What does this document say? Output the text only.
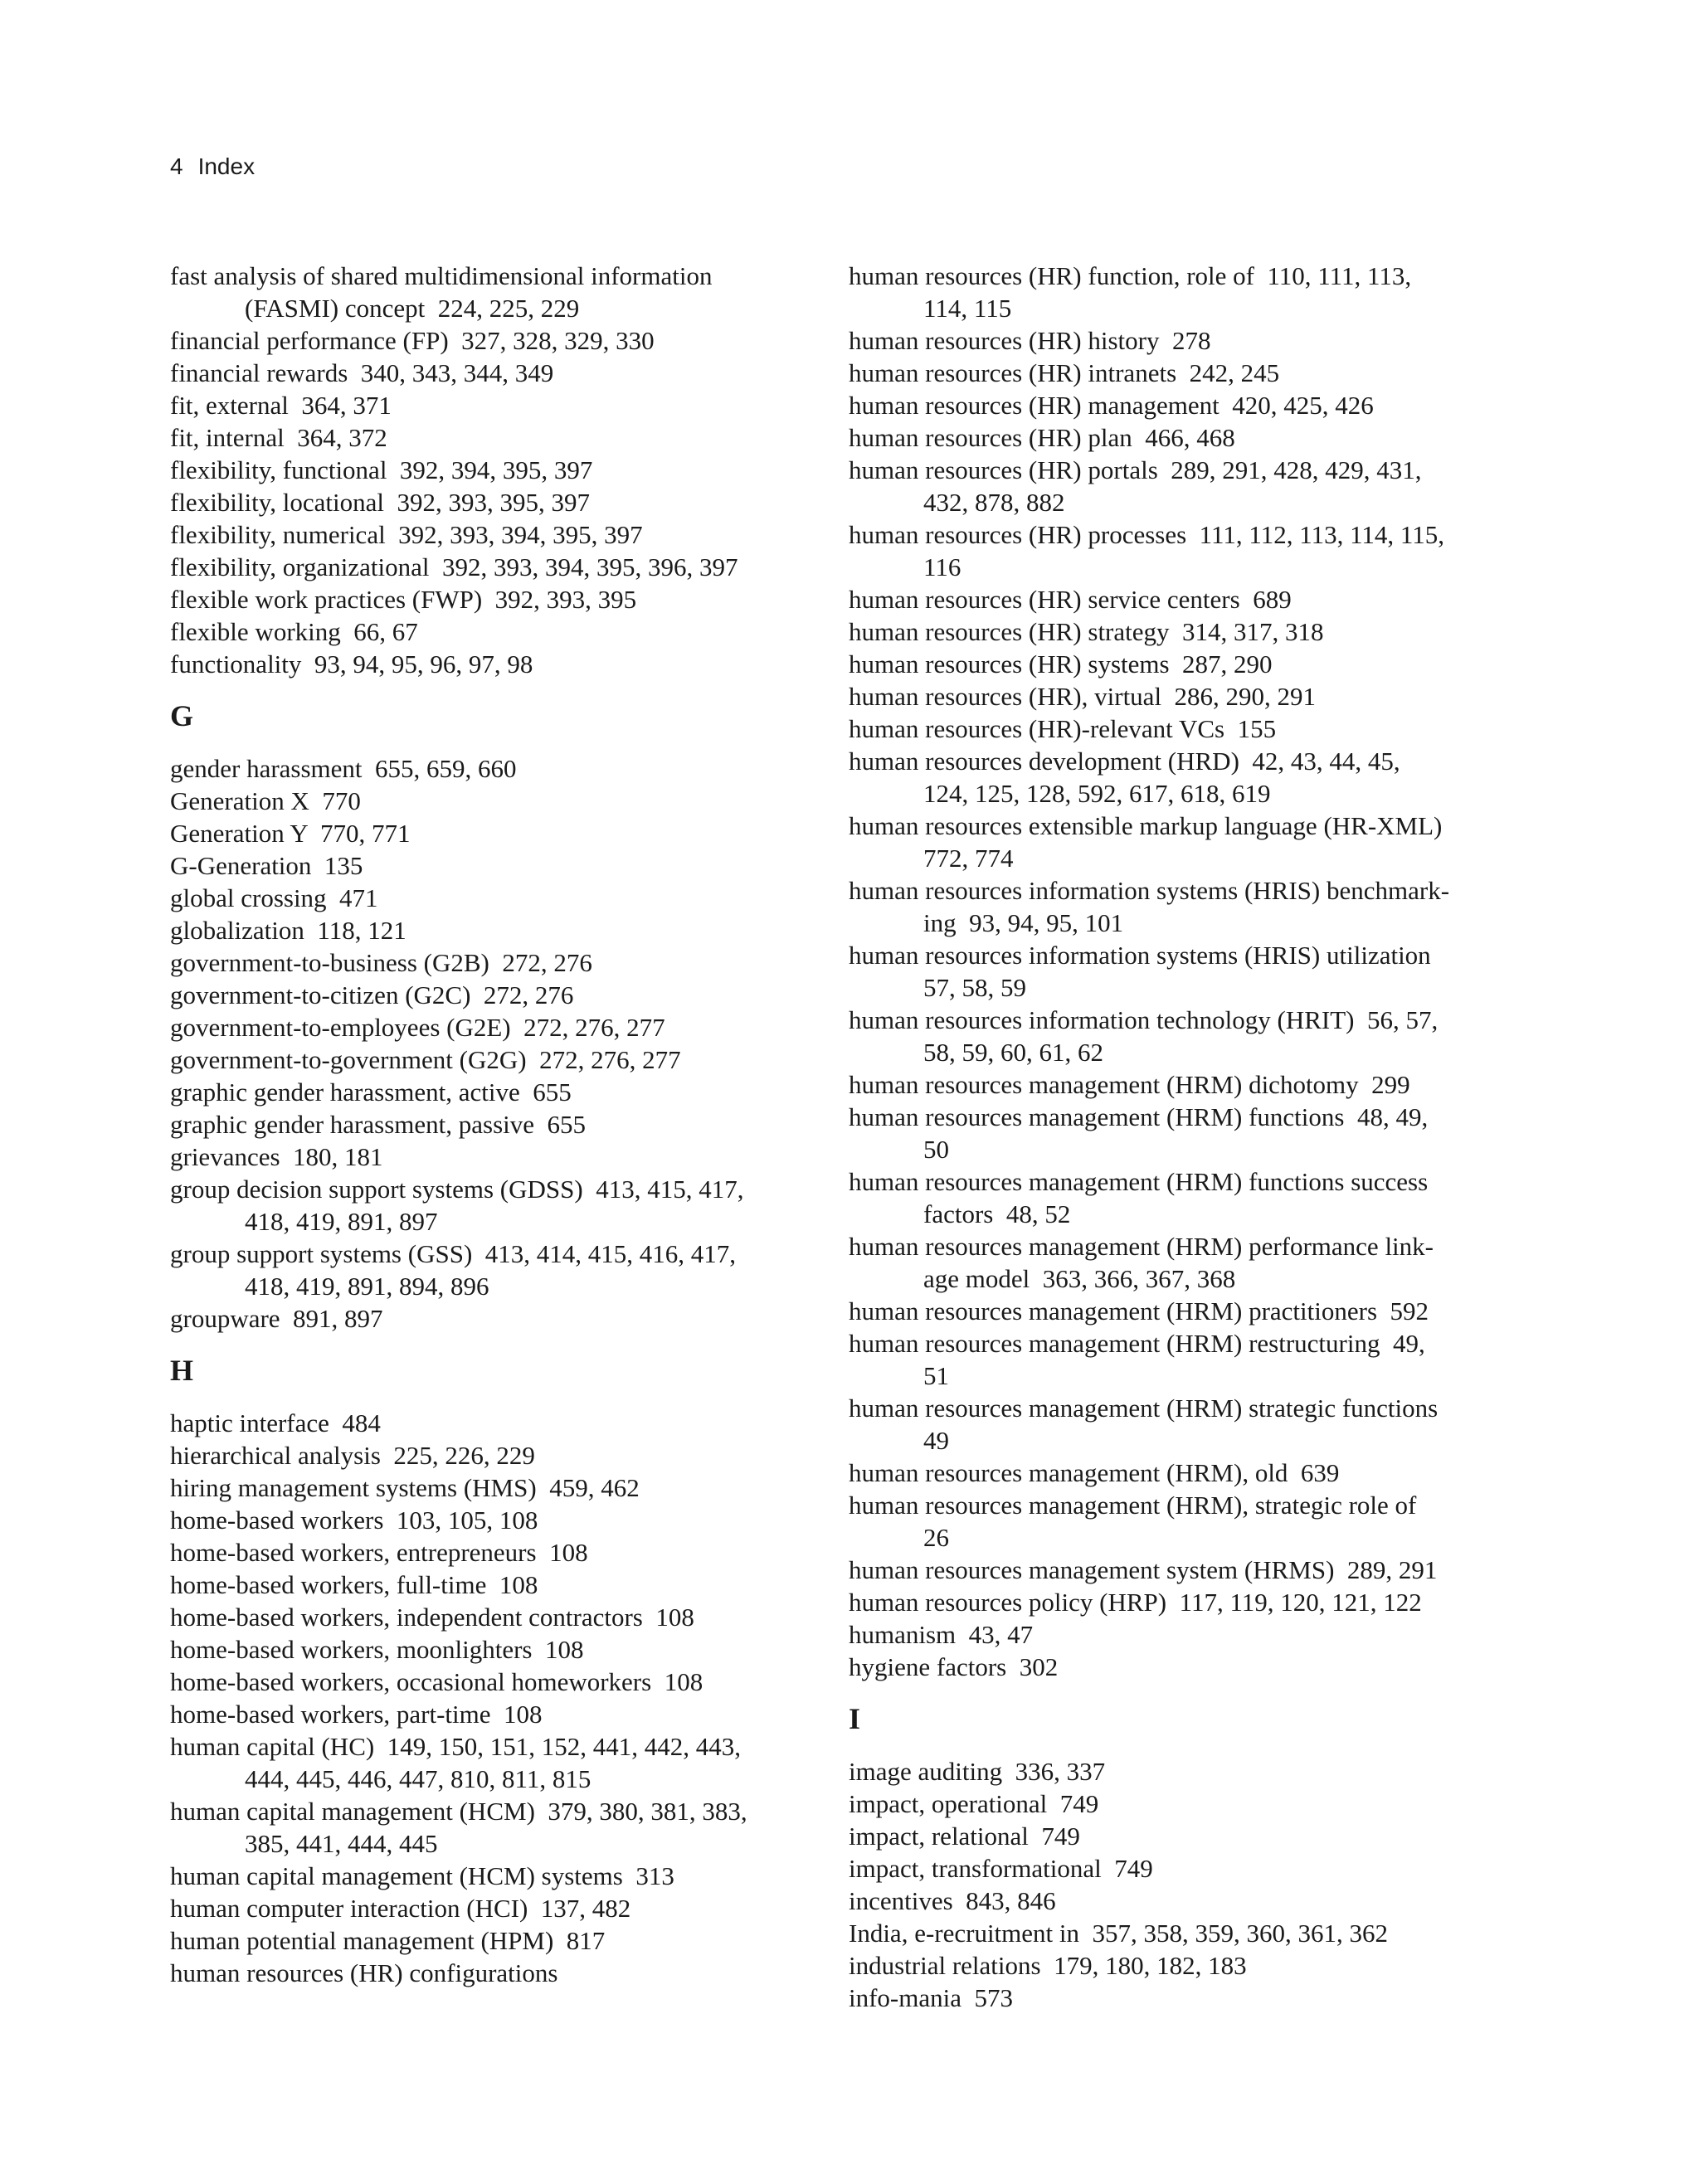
4 Index
fast analysis of shared multidimensional information
(FASMI) concept  224, 225, 229
financial performance (FP)  327, 328, 329, 330
financial rewards  340, 343, 344, 349
fit, external  364, 371
fit, internal  364, 372
flexibility, functional  392, 394, 395, 397
flexibility, locational  392, 393, 395, 397
flexibility, numerical  392, 393, 394, 395, 397
flexibility, organizational  392, 393, 394, 395, 396, 397
flexible work practices (FWP)  392, 393, 395
flexible working  66, 67
functionality  93, 94, 95, 96, 97, 98
G
gender harassment  655, 659, 660
Generation X  770
Generation Y  770, 771
G-Generation  135
global crossing  471
globalization  118, 121
government-to-business (G2B)  272, 276
government-to-citizen (G2C)  272, 276
government-to-employees (G2E)  272, 276, 277
government-to-government (G2G)  272, 276, 277
graphic gender harassment, active  655
graphic gender harassment, passive  655
grievances  180, 181
group decision support systems (GDSS)  413, 415, 417,
418, 419, 891, 897
group support systems (GSS)  413, 414, 415, 416, 417,
418, 419, 891, 894, 896
groupware  891, 897
H
haptic interface  484
hierarchical analysis  225, 226, 229
hiring management systems (HMS)  459, 462
home-based workers  103, 105, 108
home-based workers, entrepreneurs  108
home-based workers, full-time  108
home-based workers, independent contractors  108
home-based workers, moonlighters  108
home-based workers, occasional homeworkers  108
home-based workers, part-time  108
human capital (HC)  149, 150, 151, 152, 441, 442, 443,
444, 445, 446, 447, 810, 811, 815
human capital management (HCM)  379, 380, 381, 383,
385, 441, 444, 445
human capital management (HCM) systems  313
human computer interaction (HCI)  137, 482
human potential management (HPM)  817
human resources (HR) configurations
human resources (HR) function, role of  110, 111, 113,
114, 115
human resources (HR) history  278
human resources (HR) intranets  242, 245
human resources (HR) management  420, 425, 426
human resources (HR) plan  466, 468
human resources (HR) portals  289, 291, 428, 429, 431,
432, 878, 882
human resources (HR) processes  111, 112, 113, 114, 115,
116
human resources (HR) service centers  689
human resources (HR) strategy  314, 317, 318
human resources (HR) systems  287, 290
human resources (HR), virtual  286, 290, 291
human resources (HR)-relevant VCs  155
human resources development (HRD)  42, 43, 44, 45,
124, 125, 128, 592, 617, 618, 619
human resources extensible markup language (HR-XML)
772, 774
human resources information systems (HRIS) benchmark-
ing  93, 94, 95, 101
human resources information systems (HRIS) utilization
57, 58, 59
human resources information technology (HRIT)  56, 57,
58, 59, 60, 61, 62
human resources management (HRM) dichotomy  299
human resources management (HRM) functions  48, 49,
50
human resources management (HRM) functions success
factors  48, 52
human resources management (HRM) performance link-
age model  363, 366, 367, 368
human resources management (HRM) practitioners  592
human resources management (HRM) restructuring  49,
51
human resources management (HRM) strategic functions
49
human resources management (HRM), old  639
human resources management (HRM), strategic role of
26
human resources management system (HRMS)  289, 291
human resources policy (HRP)  117, 119, 120, 121, 122
humanism  43, 47
hygiene factors  302
I
image auditing  336, 337
impact, operational  749
impact, relational  749
impact, transformational  749
incentives  843, 846
India, e-recruitment in  357, 358, 359, 360, 361, 362
industrial relations  179, 180, 182, 183
info-mania  573
